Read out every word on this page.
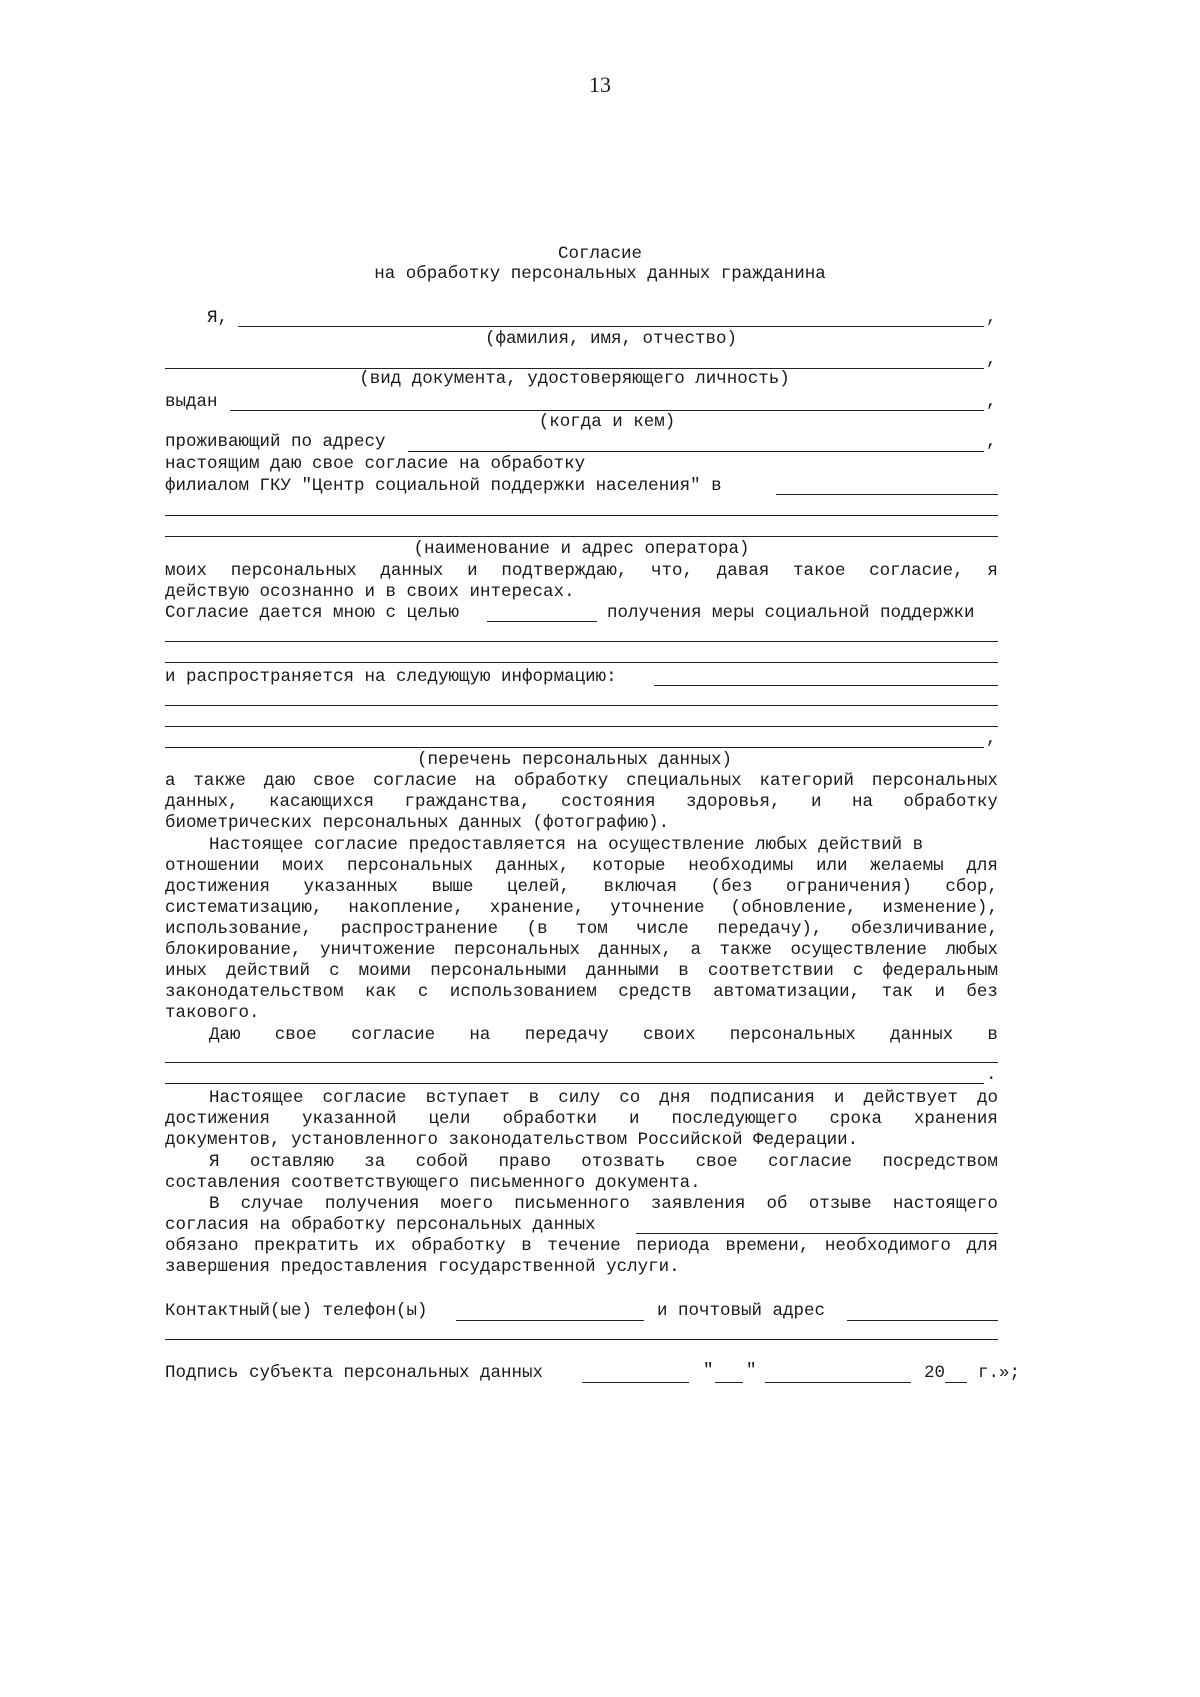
13
Согласие
на обработку персональных данных гражданина
Я,	,
(фамилия, имя, отчество)
,
(вид документа, удостоверяющего личность)
выдан	,
(когда и кем)
проживающий по адресу	,
настоящим даю свое согласие на обработку
филиалом ГКУ "Центр социальной поддержки населения" в
(наименование и адрес оператора)
моих персональных данных и подтверждаю, что, давая такое согласие, я
действую осознанно и в своих интересах.
Согласие дается мною с целью	получения меры социальной поддержки
и распространяется на следующую информацию:
,
(перечень персональных данных)
а также даю свое согласие на обработку специальных категорий персональных
данных, касающихся гражданства, состояния здоровья, и на обработку
биометрических персональных данных (фотографию).
Настоящее согласие предоставляется на осуществление любых действий в
отношении моих персональных данных, которые необходимы или желаемы для
достижения указанных выше целей, включая (без ограничения) сбор,
систематизацию, накопление, хранение, уточнение (обновление, изменение),
использование, распространение (в том числе передачу), обезличивание,
блокирование, уничтожение персональных данных, а также осуществление любых
иных действий с моими персональными данными в соответствии с федеральным
законодательством как с использованием средств автоматизации, так и без
такового.
Даю свое согласие на передачу своих персональных данных в
.
Настоящее согласие вступает в силу со дня подписания и действует до
достижения указанной цели обработки и последующего срока хранения
документов, установленного законодательством Российской Федерации.
Я оставляю за собой право отозвать свое согласие посредством
составления соответствующего письменного документа.
В случае получения моего письменного заявления об отзыве настоящего
согласия на обработку персональных данных
обязано прекратить их обработку в течение периода времени, необходимого для
завершения предоставления государственной услуги.
Контактный(ые) телефон(ы)	и почтовый адрес
Подпись субъекта персональных данных	" "	20 г.»;
